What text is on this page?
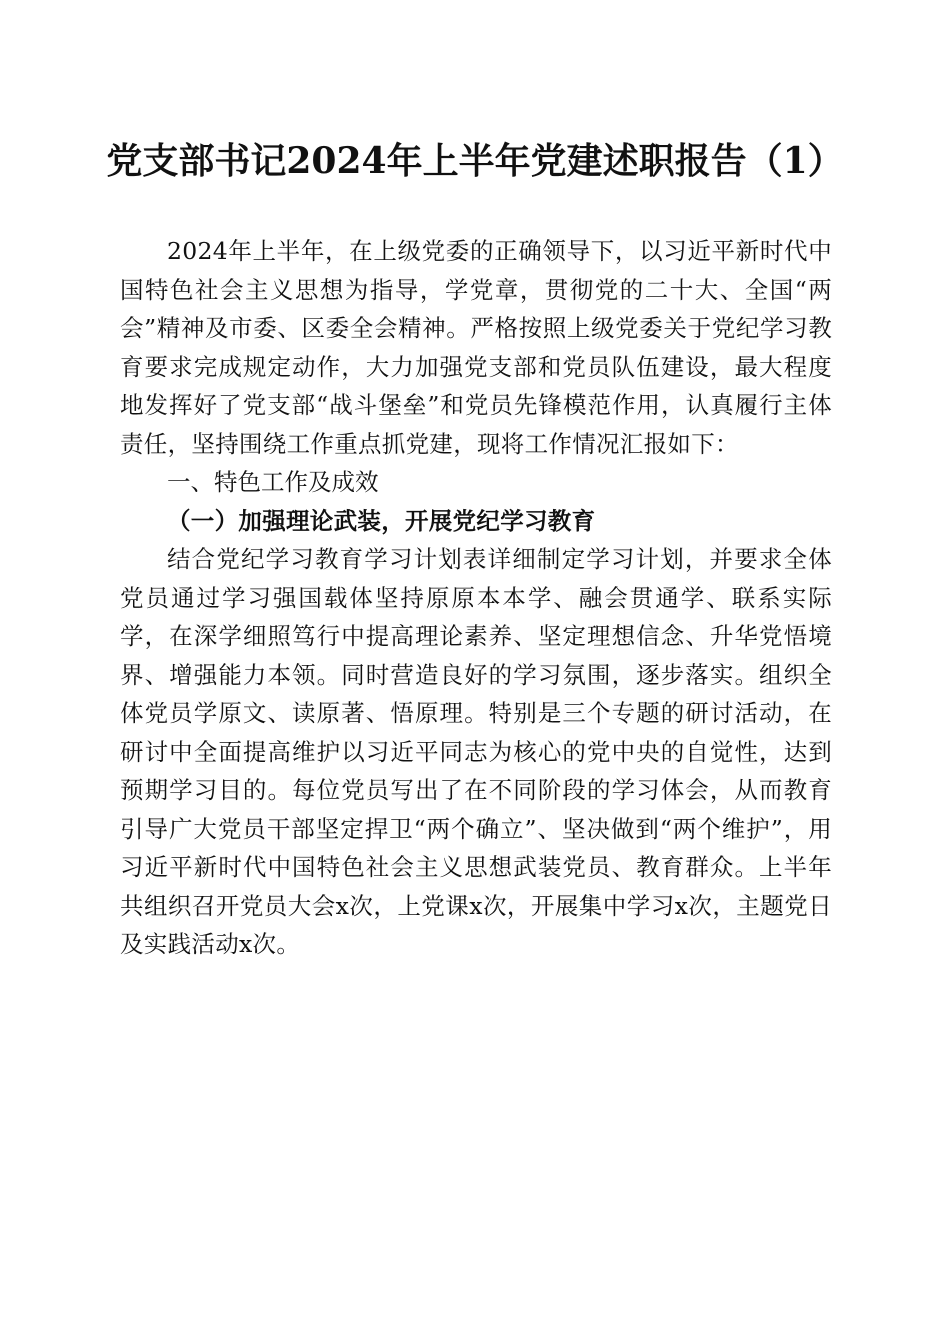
党支部书记2024年上半年党建述职报告（1）

2024年上半年，在上级党委的正确领导下，以习近平新时代中国特色社会主义思想为指导，学党章，贯彻党的二十大、全国“两会”精神及市委、区委全会精神。严格按照上级党委关于党纪学习教育要求完成规定动作，大力加强党支部和党员队伍建设，最大程度地发挥好了党支部“战斗堡垒”和党员先锋模范作用，认真履行主体责任，坚持围绕工作重点抓党建，现将工作情况汇报如下：

一、特色工作及成效

（一）加强理论武装，开展党纪学习教育

结合党纪学习教育学习计划表详细制定学习计划，并要求全体党员通过学习强国载体坚持原原本本学、融会贯通学、联系实际学，在深学细照笃行中提高理论素养、坚定理想信念、升华党悟境界、增强能力本领。同时营造良好的学习氛围，逐步落实。组织全体党员学原文、读原著、悟原理。特别是三个专题的研讨活动，在研讨中全面提高维护以习近平同志为核心的党中央的自觉性，达到预期学习目的。每位党员写出了在不同阶段的学习体会，从而教育引导广大党员干部坚定捍卫“两个确立”、坚决做到“两个维护”，用习近平新时代中国特色社会主义思想武装党员、教育群众。上半年共组织召开党员大会x次，上党课x次，开展集中学习x次，主题党日及实践活动x次。
